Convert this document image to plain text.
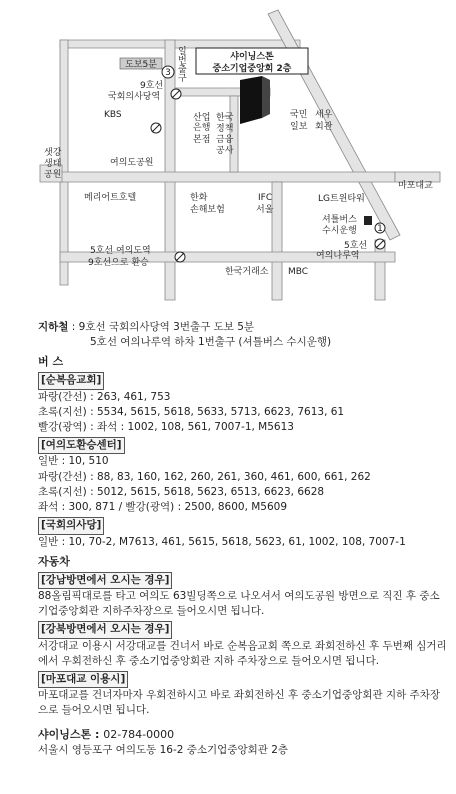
샤이닝스톤
중소기업중앙회 2층
도보5분
3
일 번 출 구
9호선 국회의사당역
KBS	산업 은행 본점
한국 정책 금융 공사
국민 일보
세우 회관
샛강 생태 공원
여의도공원
마포대교
메리어트호텔	한화 손해보험
IFC 서울
LG트윈타워
셔틀버스 수시운행 1
5호선 여의도역 9호선으로 환승
5호선 여의나루역
한국거래소 MBC

지하철 : 9호선 국회의사당역 3번출구 도보 5분

5호선 여의나루역 하차 1번출구 (셔틀버스 수시운행)

버 스

[순복음교회]

파랑(간선) : 263, 461, 753

초록(지선) : 5534, 5615, 5618, 5633, 5713, 6623, 7613, 61

빨강(광역) : 좌석 : 1002, 108, 561, 7007-1, M5613

[여의도환승센터]

일반 : 10, 510

파랑(간선) : 88, 83, 160, 162, 260, 261, 360, 461, 600, 661, 262

초록(지선) : 5012, 5615, 5618, 5623, 6513, 6623, 6628

좌석 : 300, 871 / 빨강(광역) : 2500, 8600, M5609

[국회의사당]

일반 : 10, 70-2, M7613, 461, 5615, 5618, 5623, 61, 1002, 108, 7007-1

자동차

[강남방면에서 오시는 경우]

88올림픽대로를 타고 여의도 63빌딩쪽으로 나오셔서 여의도공원 방면으로 직진 후 중소기업중앙회관 지하주차장으로 들어오시면 됩니다.

[강북방면에서 오시는 경우]

서강대교 이용시 서강대교를 건너서 바로 순복음교회 쪽으로 좌회전하신 후 두번째 심거리에서 우회전하신 후 중소기업중앙회관 지하 주차장으로 들어오시면 됩니다.

[마포대교 이용시]

마포대교를 건너자마자 우회전하시고 바로 좌회전하신 후 중소기업중앙회관 지하 주차장으로 들어오시면 됩니다.

샤이닝스톤 : 02-784-0000

서울시 영등포구 여의도동 16-2 중소기업중앙회관 2층
